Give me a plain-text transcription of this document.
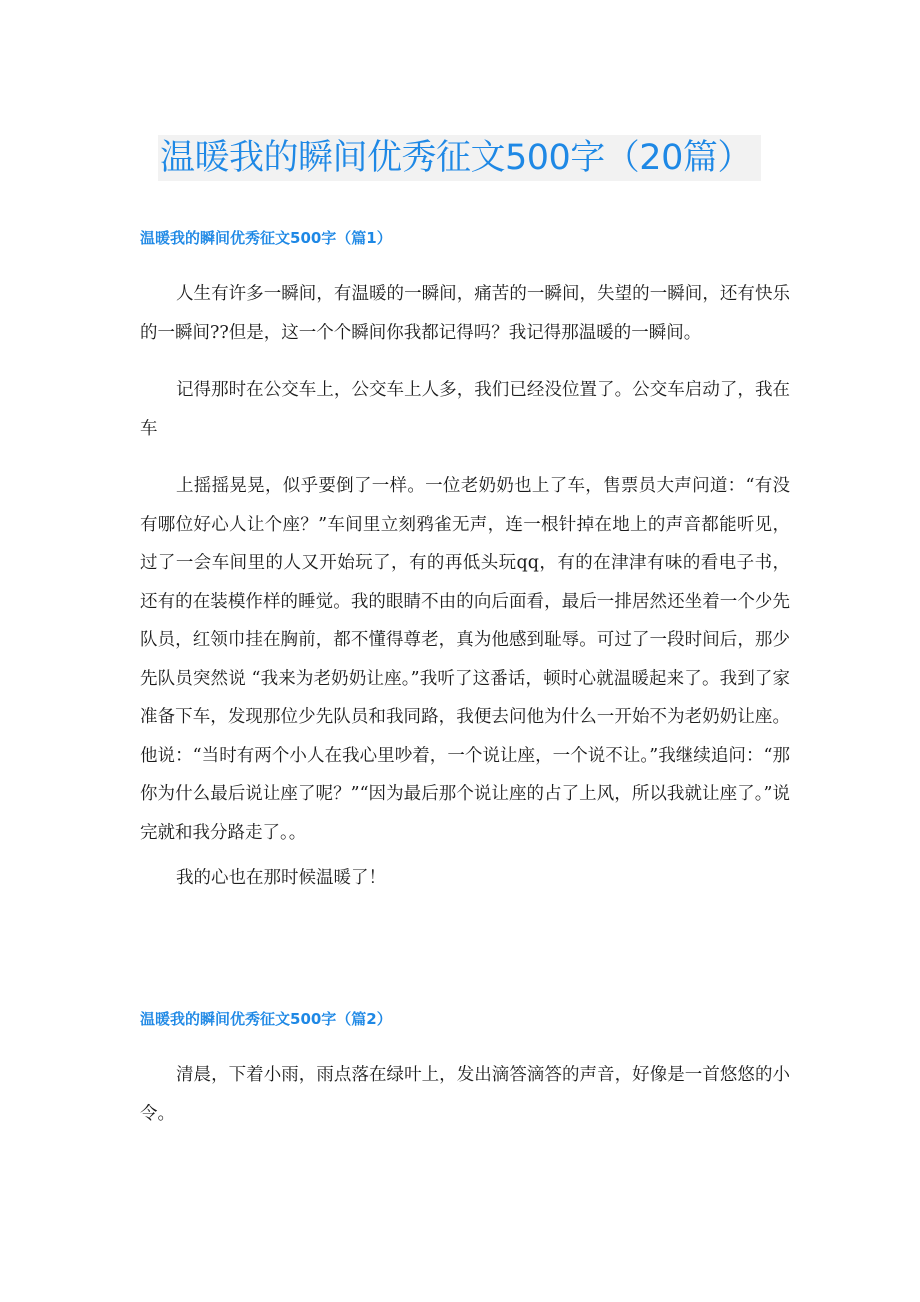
温暖我的瞬间优秀征文500字（20篇）
温暖我的瞬间优秀征文500字（篇1）

人生有许多一瞬间，有温暖的一瞬间，痛苦的一瞬间，失望的一瞬间，还有快乐的一瞬间??但是，这一个个瞬间你我都记得吗？我记得那温暖的一瞬间。

记得那时在公交车上，公交车上人多，我们已经没位置了。公交车启动了，我在车

上摇摇晃晃，似乎要倒了一样。一位老奶奶也上了车，售票员大声问道：“有没有哪位好心人让个座？”车间里立刻鸦雀无声，连一根针掉在地上的声音都能听见，过了一会车间里的人又开始玩了，有的再低头玩qq，有的在津津有味的看电子书，还有的在装模作样的睡觉。我的眼睛不由的向后面看，最后一排居然还坐着一个少先队员，红领巾挂在胸前，都不懂得尊老，真为他感到耻辱。可过了一段时间后，那少先队员突然说 “我来为老奶奶让座。”我听了这番话，顿时心就温暖起来了。我到了家准备下车，发现那位少先队员和我同路，我便去问他为什么一开始不为老奶奶让座。他说：“当时有两个小人在我心里吵着，一个说让座，一个说不让。”我继续追问：“那你为什么最后说让座了呢？”“因为最后那个说让座的占了上风，所以我就让座了。”说完就和我分路走了。。

我的心也在那时候温暖了！

温暖我的瞬间优秀征文500字（篇2）

清晨，下着小雨，雨点落在绿叶上，发出滴答滴答的声音，好像是一首悠悠的小令。
